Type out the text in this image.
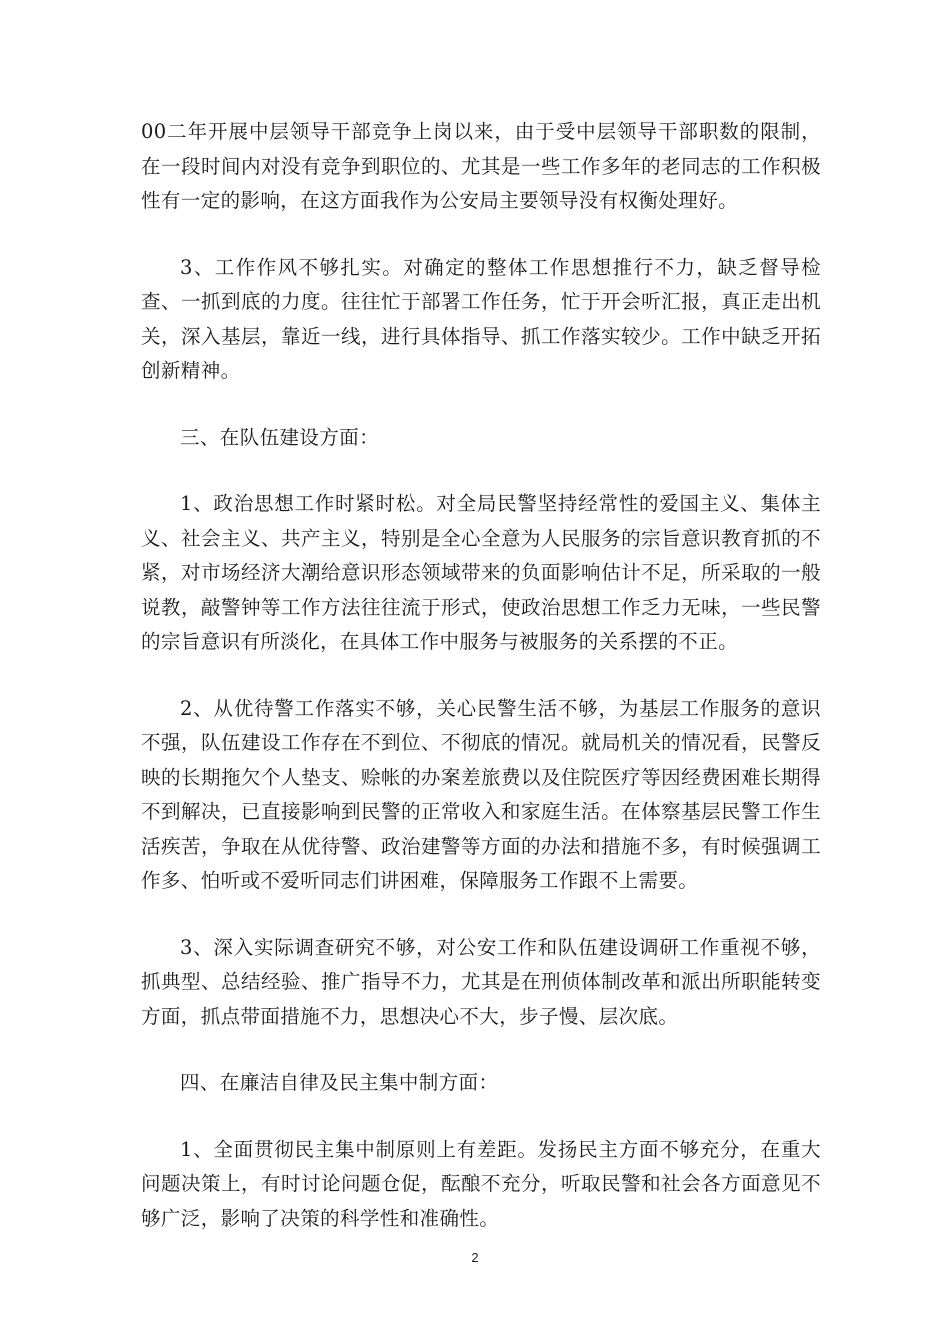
00二年开展中层领导干部竞争上岗以来，由于受中层领导干部职数的限制，在一段时间内对没有竞争到职位的、尤其是一些工作多年的老同志的工作积极性有一定的影响，在这方面我作为公安局主要领导没有权衡处理好。

3、工作作风不够扎实。对确定的整体工作思想推行不力，缺乏督导检查、一抓到底的力度。往往忙于部署工作任务，忙于开会听汇报，真正走出机关，深入基层，靠近一线，进行具体指导、抓工作落实较少。工作中缺乏开拓创新精神。

三、在队伍建设方面：

1、政治思想工作时紧时松。对全局民警坚持经常性的爱国主义、集体主义、社会主义、共产主义，特别是全心全意为人民服务的宗旨意识教育抓的不紧，对市场经济大潮给意识形态领域带来的负面影响估计不足，所采取的一般说教，敲警钟等工作方法往往流于形式，使政治思想工作乏力无味，一些民警的宗旨意识有所淡化，在具体工作中服务与被服务的关系摆的不正。

2、从优待警工作落实不够，关心民警生活不够，为基层工作服务的意识不强，队伍建设工作存在不到位、不彻底的情况。就局机关的情况看，民警反映的长期拖欠个人垫支、赊帐的办案差旅费以及住院医疗等因经费困难长期得不到解决，已直接影响到民警的正常收入和家庭生活。在体察基层民警工作生活疾苦，争取在从优待警、政治建警等方面的办法和措施不多，有时候强调工作多、怕听或不爱听同志们讲困难，保障服务工作跟不上需要。

3、深入实际调查研究不够，对公安工作和队伍建设调研工作重视不够，抓典型、总结经验、推广指导不力，尤其是在刑侦体制改革和派出所职能转变方面，抓点带面措施不力，思想决心不大，步子慢、层次底。

四、在廉洁自律及民主集中制方面：

1、全面贯彻民主集中制原则上有差距。发扬民主方面不够充分，在重大问题决策上，有时讨论问题仓促，酝酿不充分，听取民警和社会各方面意见不够广泛，影响了决策的科学性和准确性。

2
